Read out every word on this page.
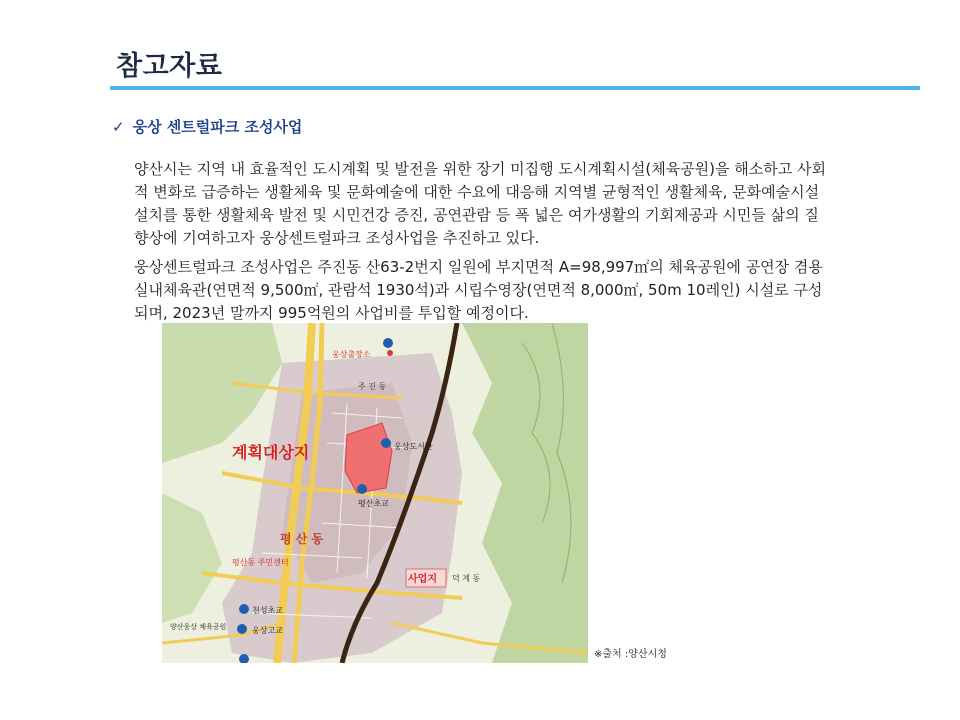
참고자료
✓ 웅상 센트럴파크 조성사업

양산시는 지역 내 효율적인 도시계획 및 발전을 위한 장기 미집행 도시계획시설(체육공원)을 해소하고 사회적 변화로 급증하는 생활체육 및 문화예술에 대한 수요에 대응해 지역별 균형적인 생활체육, 문화예술시설 설치를 통한 생활체육 발전 및 시민건강 증진, 공연관람 등 폭 넓은 여가생활의 기회제공과 시민들 삶의 질 향상에 기여하고자 웅상센트럴파크 조성사업을 추진하고 있다.

웅상센트럴파크 조성사업은 주진동 산63-2번지 일원에 부지면적 A=98,997㎡의 체육공원에 공연장 겸용 실내체육관(연면적 9,500㎡, 관람석 1930석)과 시립수영장(연면적 8,000㎡, 50m 10레인) 시설로 구성되며, 2023년 말까지 995억원의 사업비를 투입할 예정이다.

계획대상지
사업지
평 산 동
주 진 동
덕 계 동
웅상출장소
웅상도서관
평산초교
평산동 주민센터
천성초교
웅상고교
양산웅상 체육공원
※출처 :양산시청
